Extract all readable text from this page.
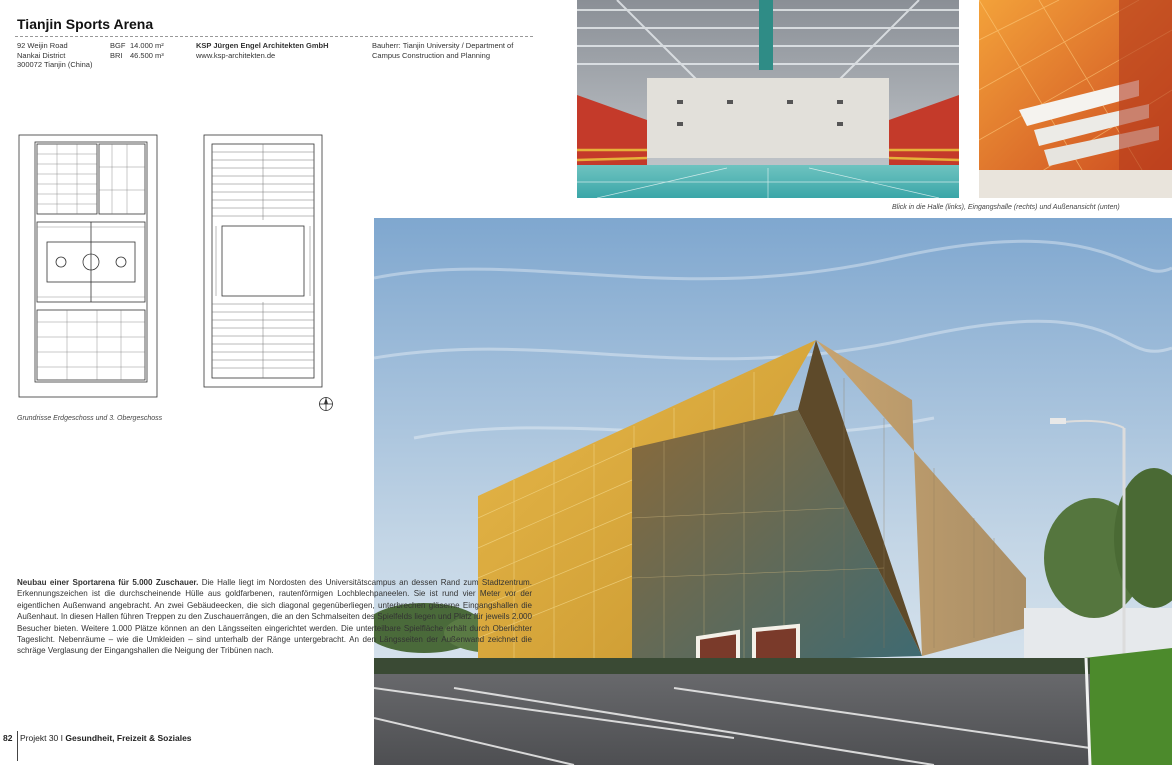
Tianjin Sports Arena
92 Weijin Road
Nankai District
300072 Tianjin (China)
BGF
BRI
14.000 m²
46.500 m³
KSP Jürgen Engel Architekten GmbH
www.ksp-architekten.de
Bauherr: Tianjin University / Department of
Campus Construction and Planning
Grundrisse Erdgeschoss und 3. Obergeschoss
Blick in die Halle (links), Eingangshalle (rechts) und Außenansicht (unten)
Neubau einer Sportarena für 5.000 Zuschauer. Die Halle liegt im Nordosten des Universitätscampus an dessen Rand zum Stadtzentrum. Erkennungszeichen ist die durchscheinende Hülle aus goldfarbenen, rautenförmigen Lochblechpaneelen. Sie ist rund vier Meter vor der eigentlichen Außenwand angebracht. An zwei Gebäudeecken, die sich diagonal gegenüberliegen, unterbrechen gläserne Eingangshallen die Außenhaut. In diesen Hallen führen Treppen zu den Zuschauerrängen, die an den Schmalseiten des Spielfelds liegen und Platz für jeweils 2.000 Besucher bieten. Weitere 1.000 Plätze können an den Längsseiten eingerichtet werden. Die unterteilbare Spielfläche erhält durch Oberlichter Tageslicht. Nebenräume – wie die Umkleiden – sind unterhalb der Ränge untergebracht. An den Längsseiten der Außenwand zeichnet die schräge Verglasung der Eingangshallen die Neigung der Tribünen nach.
82 Projekt 30 I Gesundheit, Freizeit & Soziales
